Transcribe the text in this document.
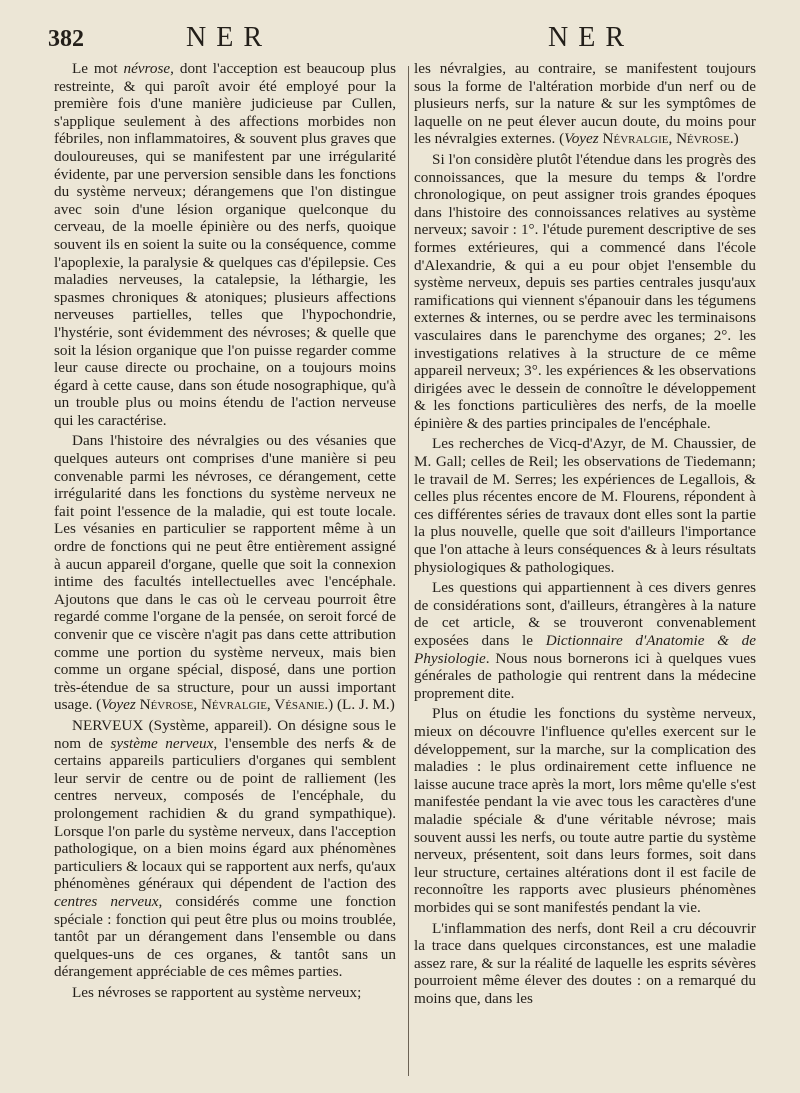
382	NER	NER

Le mot névrose, dont l'acception est beaucoup plus restreinte, & qui paroît avoir été employé pour la première fois d'une manière judicieuse par Cullen, s'applique seulement à des affections morbides non fébriles, non inflammatoires, & souvent plus graves que douloureuses, qui se manifestent par une irrégularité évidente, par une perversion sensible dans les fonctions du système nerveux; dérangemens que l'on distingue avec soin d'une lésion organique quelconque du cerveau, de la moelle épinière ou des nerfs, quoique souvent ils en soient la suite ou la conséquence, comme l'apoplexie, la paralysie & quelques cas d'épilepsie. Ces maladies nerveuses, la catalepsie, la léthargie, les spasmes chroniques & atoniques; plusieurs affections nerveuses partielles, telles que l'hypochondrie, l'hystérie, sont évidemment des névroses; & quelle que soit la lésion organique que l'on puisse regarder comme leur cause directe ou prochaine, on a toujours moins égard à cette cause, dans son étude nosographique, qu'à un trouble plus ou moins étendu de l'action nerveuse qui les caractérise.

Dans l'histoire des névralgies ou des vésanies que quelques auteurs ont comprises d'une manière si peu convenable parmi les névroses, ce dérangement, cette irrégularité dans les fonctions du système nerveux ne fait point l'essence de la maladie, qui est toute locale. Les vésanies en particulier se rapportent même à un ordre de fonctions qui ne peut être entièrement assigné à aucun appareil d'organe, quelle que soit la connexion intime des facultés intellectuelles avec l'encéphale. Ajoutons que dans le cas où le cerveau pourroit être regardé comme l'organe de la pensée, on seroit forcé de convenir que ce viscère n'agit pas dans cette attribution comme une portion du système nerveux, mais bien comme un organe spécial, disposé, dans une portion très-étendue de sa structure, pour un aussi important usage. (Voyez Névrose, Névralgie, Vésanie.) (L. J. M.)

NERVEUX (Système, appareil). On désigne sous le nom de système nerveux, l'ensemble des nerfs & de certains appareils particuliers d'organes qui semblent leur servir de centre ou de point de ralliement (les centres nerveux, composés de l'encéphale, du prolongement rachidien & du grand sympathique). Lorsque l'on parle du système nerveux, dans l'acception pathologique, on a bien moins égard aux phénomènes particuliers & locaux qui se rapportent aux nerfs, qu'aux phénomènes généraux qui dépendent de l'action des centres nerveux, considérés comme une fonction spéciale : fonction qui peut être plus ou moins troublée, tantôt par un dérangement dans l'ensemble ou dans quelques-uns de ces organes, & tantôt sans un dérangement appréciable de ces mêmes parties.

Les névroses se rapportent au système nerveux;

les névralgies, au contraire, se manifestent toujours sous la forme de l'altération morbide d'un nerf ou de plusieurs nerfs, sur la nature & sur les symptômes de laquelle on ne peut élever aucun doute, du moins pour les névralgies externes. (Voyez Névralgie, Névrose.)

Si l'on considère plutôt l'étendue dans les progrès des connoissances, que la mesure du temps & l'ordre chronologique, on peut assigner trois grandes époques dans l'histoire des connoissances relatives au système nerveux; savoir : 1°. l'étude purement descriptive de ses formes extérieures, qui a commencé dans l'école d'Alexandrie, & qui a eu pour objet l'ensemble du système nerveux, depuis ses parties centrales jusqu'aux ramifications qui viennent s'épanouir dans les tégumens externes & internes, ou se perdre avec les terminaisons vasculaires dans le parenchyme des organes; 2°. les investigations relatives à la structure de ce même appareil nerveux; 3°. les expériences & les observations dirigées avec le dessein de connoître le développement & les fonctions particulières des nerfs, de la moelle épinière & des parties principales de l'encéphale.

Les recherches de Vicq-d'Azyr, de M. Chaussier, de M. Gall; celles de Reil; les observations de Tiedemann; le travail de M. Serres; les expériences de Legallois, & celles plus récentes encore de M. Flourens, répondent à ces différentes séries de travaux dont elles sont la partie la plus nouvelle, quelle que soit d'ailleurs l'importance que l'on attache à leurs conséquences & à leurs résultats physiologiques & pathologiques.

Les questions qui appartiennent à ces divers genres de considérations sont, d'ailleurs, étrangères à la nature de cet article, & se trouveront convenablement exposées dans le Dictionnaire d'Anatomie & de Physiologie. Nous nous bornerons ici à quelques vues générales de pathologie qui rentrent dans la médecine proprement dite.

Plus on étudie les fonctions du système nerveux, mieux on découvre l'influence qu'elles exercent sur le développement, sur la marche, sur la complication des maladies : le plus ordinairement cette influence ne laisse aucune trace après la mort, lors même qu'elle s'est manifestée pendant la vie avec tous les caractères d'une maladie spéciale & d'une véritable névrose; mais souvent aussi les nerfs, ou toute autre partie du système nerveux, présentent, soit dans leurs formes, soit dans leur structure, certaines altérations dont il est facile de reconnoître les rapports avec plusieurs phénomènes morbides qui se sont manifestés pendant la vie.

L'inflammation des nerfs, dont Reil a cru découvrir la trace dans quelques circonstances, est une maladie assez rare, & sur la réalité de laquelle les esprits sévères pourroient même élever des doutes : on a remarqué du moins que, dans les
